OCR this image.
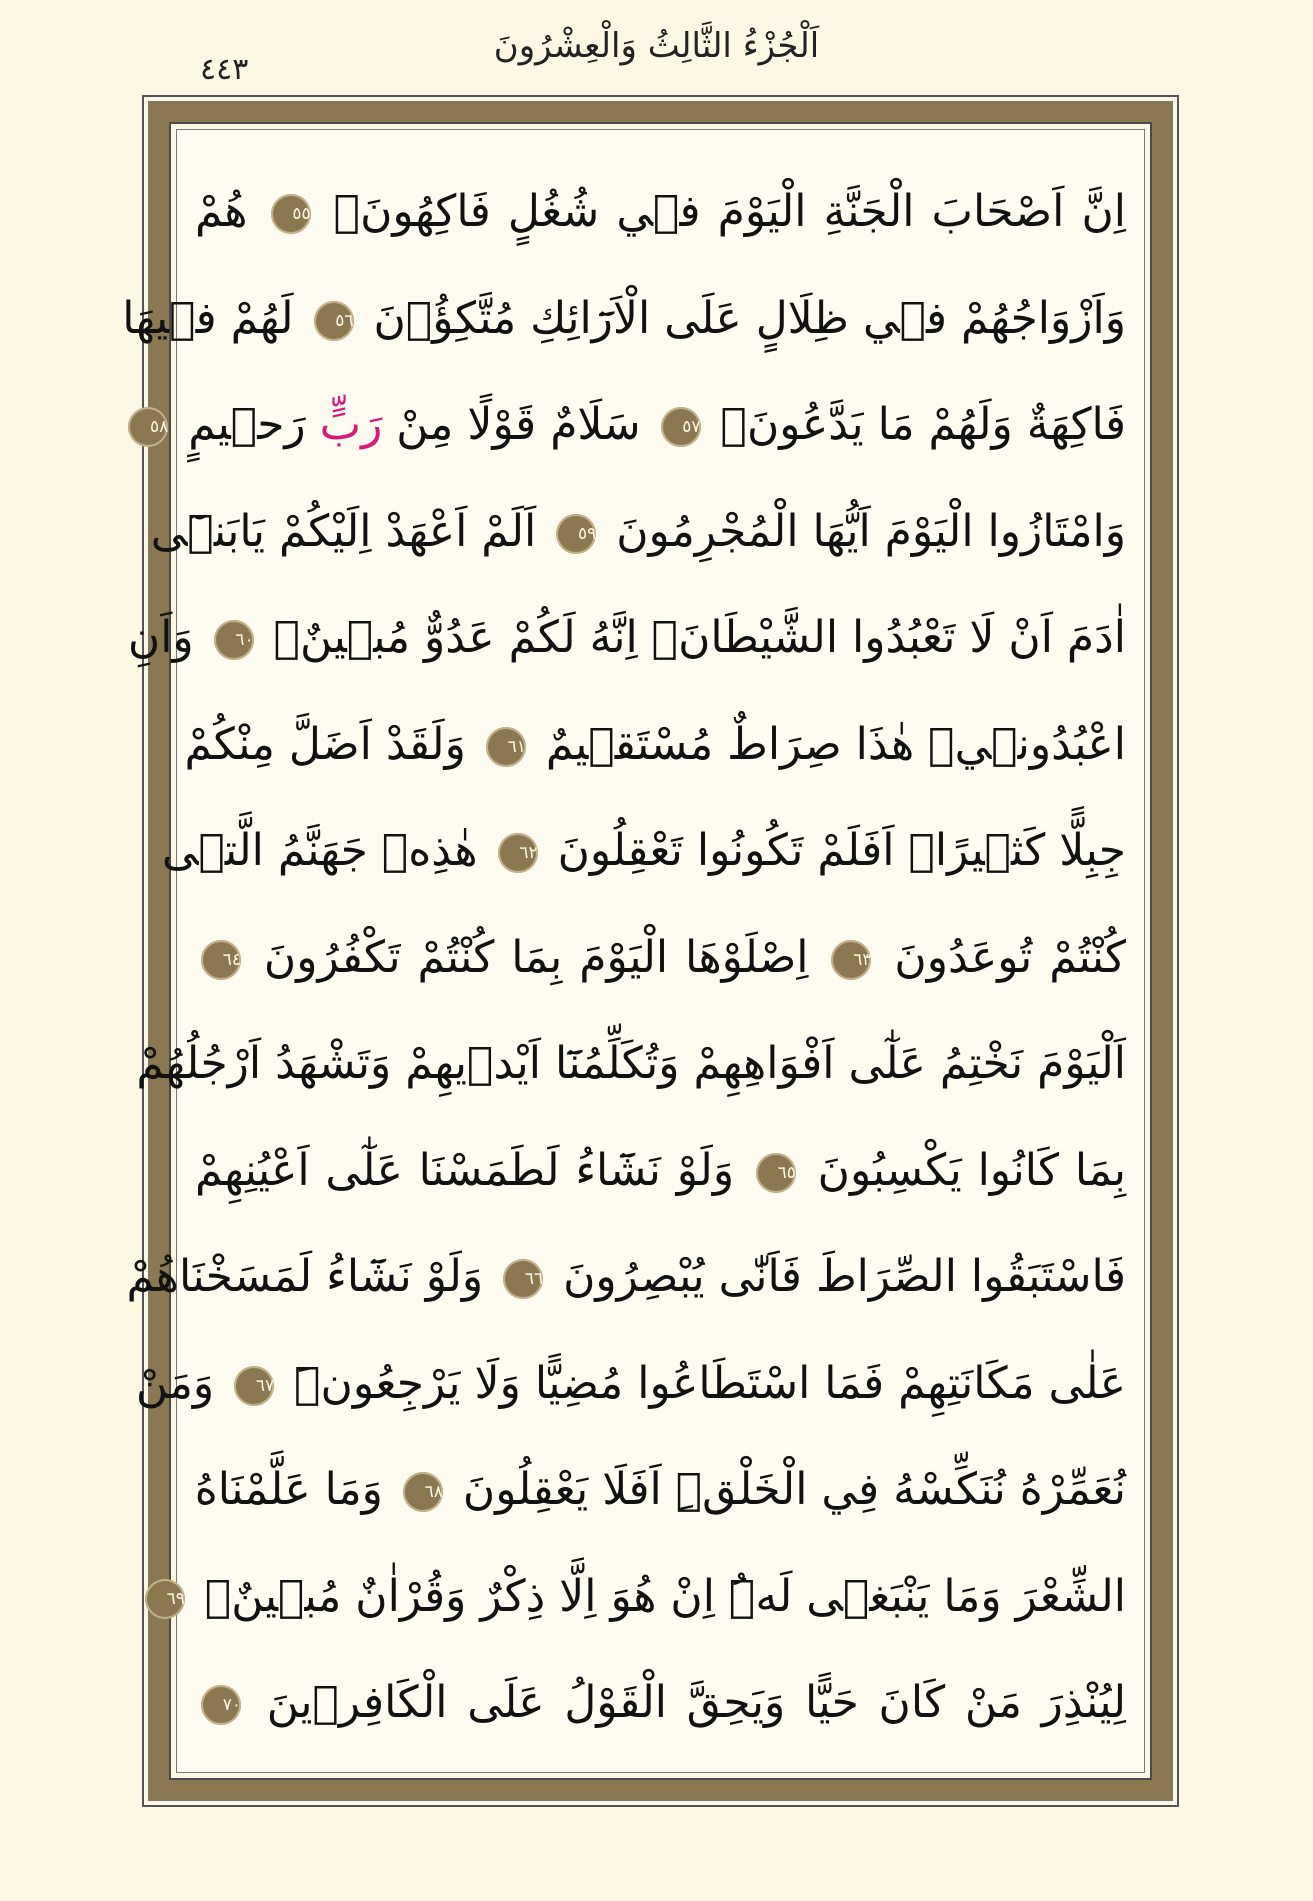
اَلْجُزْءُ الثَّالِثُ وَالْعِشْرُونَ
٤٤٣
اِنَّ اَصْحَابَ الْجَنَّةِ الْيَوْمَ فٖي شُغُلٍ فَاكِهُونَۚ ٥٥ هُمْ
وَاَزْوَاجُهُمْ فٖي ظِلَالٍ عَلَى الْاَرَٓائِكِ مُتَّكِؤُ۫نَ ٥٦ لَهُمْ فٖيهَا
فَاكِهَةٌ وَلَهُمْ مَا يَدَّعُونَۚ ٥٧ سَلَامٌ قَوْلًا مِنْ رَبٍّ رَحٖيمٍ ٥٨
وَامْتَازُوا الْيَوْمَ اَيُّهَا الْمُجْرِمُونَ ٥٩ اَلَمْ اَعْهَدْ اِلَيْكُمْ يَابَنٖٓى
اٰدَمَ اَنْ لَا تَعْبُدُوا الشَّيْطَانَۚ اِنَّهُ لَكُمْ عَدُوٌّ مُبٖينٌۙ ٦٠ وَاَنِ
اعْبُدُونٖيۜ هٰذَا صِرَاطٌ مُسْتَقٖيمٌ ٦١ وَلَقَدْ اَضَلَّ مِنْكُمْ
جِبِلًّا كَثٖيرًاۜ اَفَلَمْ تَكُونُوا تَعْقِلُونَ ٦٢ هٰذِهٖ جَهَنَّمُ الَّتٖى
كُنْتُمْ تُوعَدُونَ ٦٣ اِصْلَوْهَا الْيَوْمَ بِمَا كُنْتُمْ تَكْفُرُونَ ٦٤
اَلْيَوْمَ نَخْتِمُ عَلٰٓى اَفْوَاهِهِمْ وَتُكَلِّمُنَٓا اَيْدٖيهِمْ وَتَشْهَدُ اَرْجُلُهُمْ
بِمَا كَانُوا يَكْسِبُونَ ٦٥ وَلَوْ نَشَٓاءُ لَطَمَسْنَا عَلٰٓى اَعْيُنِهِمْ
فَاسْتَبَقُوا الصِّرَاطَ فَاَنّٰى يُبْصِرُونَ ٦٦ وَلَوْ نَشَٓاءُ لَمَسَخْنَاهُمْ
عَلٰى مَكَانَتِهِمْ فَمَا اسْتَطَاعُوا مُضِيًّا وَلَا يَرْجِعُونَۧ ٦٧ وَمَنْ
نُعَمِّرْهُ نُنَكِّسْهُ فِي الْخَلْقِۜ اَفَلَا يَعْقِلُونَ ٦٨ وَمَا عَلَّمْنَاهُ
الشِّعْرَ وَمَا يَنْبَغٖى لَهُۜ اِنْ هُوَ اِلَّا ذِكْرٌ وَقُرْاٰنٌ مُبٖينٌۙ ٦٩
لِيُنْذِرَ مَنْ كَانَ حَيًّا وَيَحِقَّ الْقَوْلُ عَلَى الْكَافِرٖينَ ٧٠
